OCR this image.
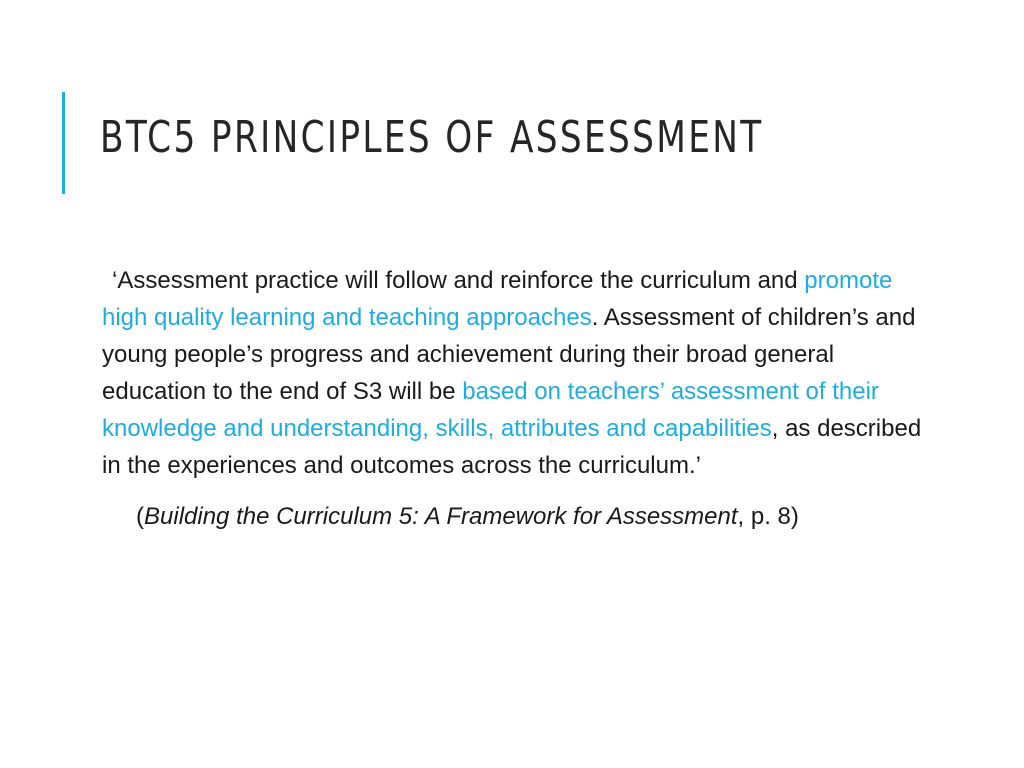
BTC5 PRINCIPLES OF ASSESSMENT

‘Assessment practice will follow and reinforce the curriculum and promote high quality learning and teaching approaches. Assessment of children’s and young people’s progress and achievement during their broad general education to the end of S3 will be based on teachers’ assessment of their knowledge and understanding, skills, attributes and capabilities, as described in the experiences and outcomes across the curriculum.’

(Building the Curriculum 5: A Framework for Assessment, p. 8)
